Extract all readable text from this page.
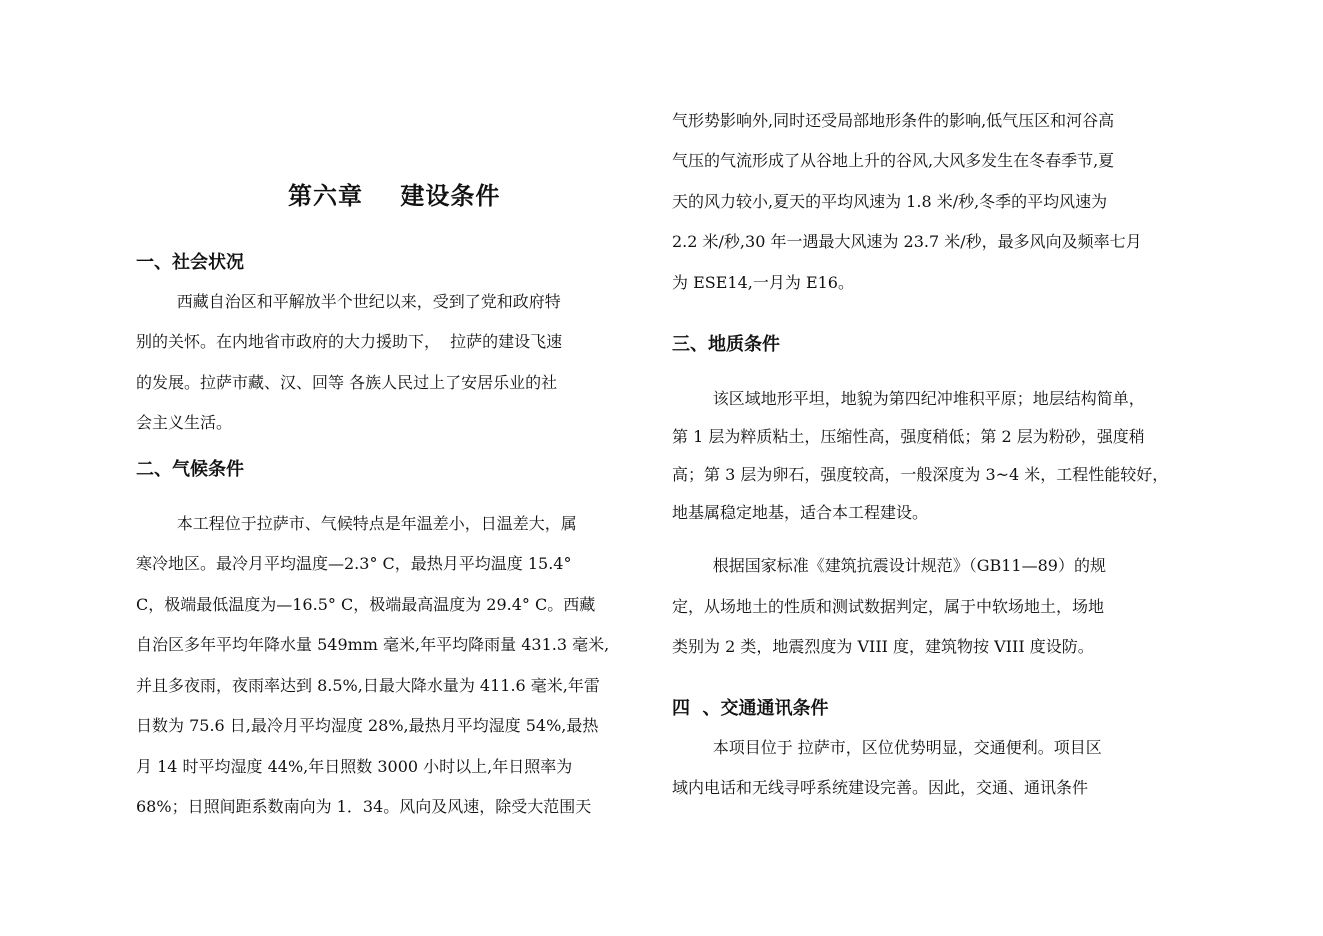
第六章    建设条件
一、社会状况

西藏自治区和平解放半个世纪以来，受到了党和政府特

别的关怀。在内地省市政府的大力援助下，  拉萨的建设飞速

的发展。拉萨市藏、汉、回等 各族人民过上了安居乐业的社

会主义生活。

二、气候条件

本工程位于拉萨市、气候特点是年温差小，日温差大，属

寒冷地区。最冷月平均温度—2.3° C，最热月平均温度 15.4°

C，极端最低温度为—16.5° C，极端最高温度为 29.4° C。西藏

自治区多年平均年降水量 549mm 毫米,年平均降雨量 431.3 毫米,

并且多夜雨，夜雨率达到 8.5%,日最大降水量为 411.6 毫米,年雷

日数为 75.6 日,最冷月平均湿度 28%,最热月平均湿度 54%,最热

月 14 时平均湿度 44%,年日照数 3000 小时以上,年日照率为

68%；日照间距系数南向为 1．34。风向及风速，除受大范围天

气形势影响外,同时还受局部地形条件的影响,低气压区和河谷高

气压的气流形成了从谷地上升的谷风,大风多发生在冬春季节,夏

天的风力较小,夏天的平均风速为 1.8 米/秒,冬季的平均风速为

2.2 米/秒,30 年一遇最大风速为 23.7 米/秒，最多风向及频率七月

为 ESE14,一月为 E16。

三、地质条件

该区域地形平坦，地貌为第四纪冲堆积平原；地层结构简单，

第 1 层为粹质粘土，压缩性高，强度稍低；第 2 层为粉砂，强度稍

高；第 3 层为卵石，强度较高，一般深度为 3~4 米，工程性能较好，

地基属稳定地基，适合本工程建设。

根据国家标准《建筑抗震设计规范》（GB11—89）的规

定，从场地土的性质和测试数据判定，属于中软场地土，场地

类别为 2 类，地震烈度为 VIII 度，建筑物按 VIII 度设防。

四  、交通通讯条件

本项目位于 拉萨市，区位优势明显，交通便利。项目区

域内电话和无线寻呼系统建设完善。因此，交通、通讯条件
